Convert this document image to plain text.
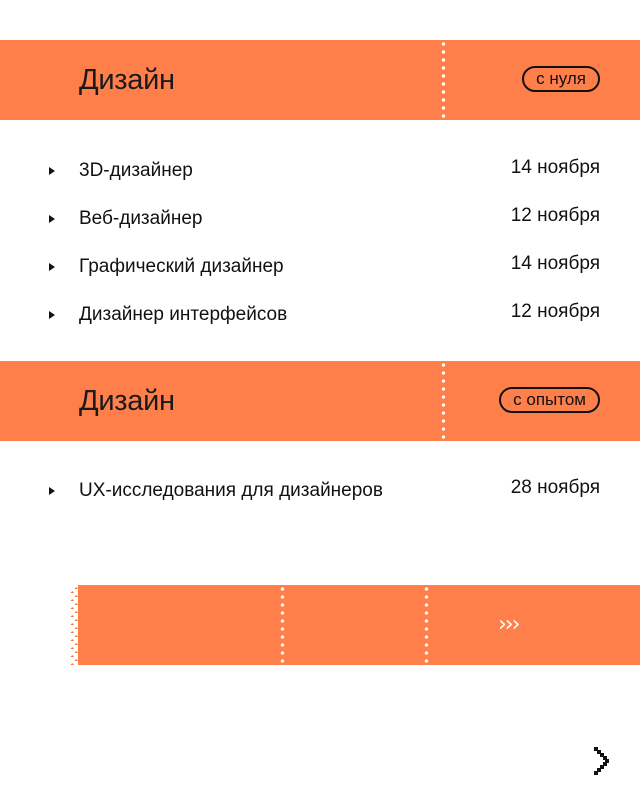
Дизайн	с нуля
3D-дизайнер	14 ноября
Веб-дизайнер	12 ноября
Графический дизайнер	14 ноября
Дизайнер интерфейсов	12 ноября
Дизайн	с опытом
UX-исследования для дизайнеров	28 ноября
›››
